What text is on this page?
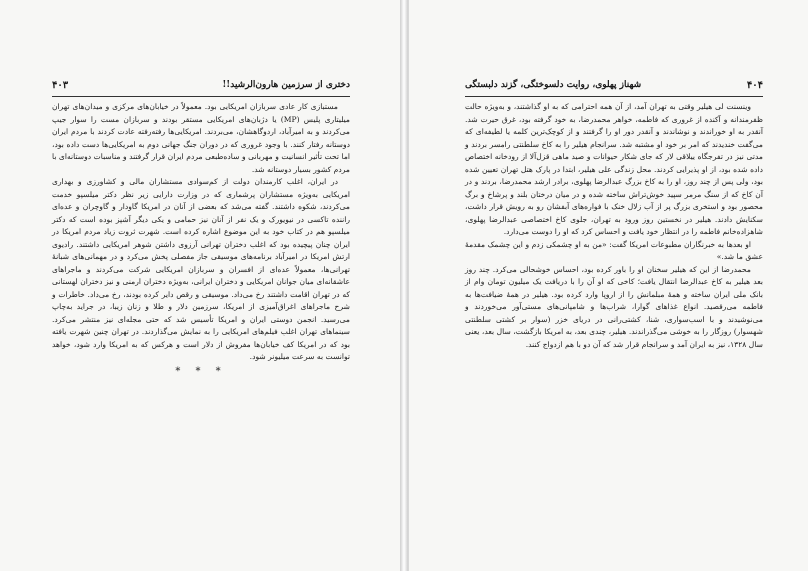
دختری از سرزمین هارون‌الرشید!!
۴۰۳

مستبازی کار عادی سربازان امریکایی بود. معمولاً در خیابان‌های مرکزی و میدان‌های تهران میلیتاری پلیس (MP) یا دژبان‌های امریکایی مستقر بودند و سربازان مست را سوار جیپ می‌کردند و به امیرآباد، اردوگاهشان، می‌بردند. امریکایی‌ها رفته‌رفته عادت کردند با مردم ایران دوستانه رفتار کنند. با وجود غروری که در دوران جنگ جهانی دوم به امریکایی‌ها دست داده بود، اما تحت تأثیر انسانیت و مهربانی و ساده‌طبعی مردم ایران قرار گرفتند و مناسبات دوستانه‌ای با مردم کشور بسیار دوستانه شد.

در ایران، اغلب کارمندان دولت از کم‌سوادی مستشاران مالی و کشاورزی و بهداری امریکایی به‌ویژه مستشاران پرشماری که در وزارت دارایی زیر نظر دکتر میلسپو خدمت می‌کردند، شکوه داشتند. گفته می‌شد که بعضی از آنان در امریکا گاودار و گاوچران و عده‌ای راننده تاکسی در نیویورک و یک نفر از آنان نیز حمامی و یکی دیگر آشپز بوده است که دکتر میلسپو هم در کتاب خود به این موضوع اشاره کرده است. شهرت ثروت زیاد مردم امریکا در ایران چنان پیچیده بود که اغلب دختران تهرانی آرزوی داشتن شوهر امریکایی داشتند. رادیوی ارتش امریکا در امیرآباد برنامه‌های موسیقی جاز مفصلی پخش می‌کرد و در مهمانی‌های شبانهٔ تهرانی‌ها، معمولاً عده‌ای از افسران و سربازان امریکایی شرکت می‌کردند و ماجراهای عاشقانه‌ای میان جوانان امریکایی و دختران ایرانی، به‌ویژه دختران ارمنی و نیز دختران لهستانی که در تهران اقامت داشتند رخ می‌داد. موسیقی و رقص دایر کرده بودند، رخ می‌داد. خاطرات و شرح ماجراهای اغراق‌آمیزی از امریکا، سرزمین دلار و طلا و زنان زیبا، در جراید به‌چاپ می‌رسید. انجمن دوستی ایران و امریکا تأسیس شد که حتی مجله‌ای نیز منتشر می‌کرد. سینماهای تهران اغلب فیلم‌های امریکایی را به نمایش می‌گذاردند. در تهران چنین شهرت یافته بود که در امریکا کف خیابان‌ها مفروش از دلار است و هرکس که به امریکا وارد شود، خواهد توانست به سرعت میلیونر شود.

* * *
شهناز پهلوی، روایت دلسوختگی، گزند دلبستگی	۴۰۴

وینسنت لی هیلیر وقتی به تهران آمد، از آن همه احترامی که به او گذاشتند، و به‌ویژه حالت ظفرمندانه و آکنده از غروری که فاطمه، خواهر محمدرضا، به خود گرفته بود، غرق حیرت شد. آنقدر به او خوراندند و نوشاندند و آنقدر دور او را گرفتند و از کوچک‌ترین کلمه یا لطیفه‌ای که می‌گفت خندیدند که امر بر خود او مشتبه شد. سرانجام هیلیر را به کاخ سلطنتی رامسر بردند و مدتی نیز در تفرجگاه ییلاقی لار که جای شکار حیوانات و صید ماهی قزل‌آلا از رودخانه اختصاص داده شده بود، از او پذیرایی کردند. محل زندگی علی هیلیر، ابتدا در پارک هتل تهران تعیین شده بود، ولی پس از چند روز، او را به کاخ بزرگ عبدالرضا پهلوی، برادر ارشد محمدرضا، بردند و در آن کاخ که از سنگ مرمر سپید خوش‌تراش ساخته شده و در میان درختان بلند و پرشاخ و برگ محصور بود و استخری بزرگ پر از آب زلال خنک با فواره‌های آبفشان رو به رویش قرار داشت، سکنایش دادند. هیلیر در نخستین روز ورود به تهران، جلوی کاخ اختصاصی عبدالرضا پهلوی، شاهزاده‌خانم فاطمه را در انتظار خود یافت و احساس کرد که او را دوست می‌دارد.

او بعدها به خبرنگاران مطبوعات امریکا گفت: «من به او چشمکی زدم و این چشمک مقدمهٔ عشق ما شد.»

محمدرضا از این که هیلیر سخنان او را باور کرده بود، احساس خوشحالی می‌کرد. چند روز بعد هیلیر به کاخ عبدالرضا انتقال یافت؛ کاخی که او آن را با دریافت یک میلیون تومان وام از بانک ملی ایران ساخته و همهٔ مبلمانش را از اروپا وارد کرده بود. هیلیر در همهٔ ضیافت‌ها به فاطمه می‌رقصید. انواع غذاهای گوارا، شراب‌ها و شامپانی‌های مستی‌آور می‌خوردند و می‌نوشیدند و با اسب‌سواری، شنا، کشتی‌رانی در دریای خزر (سوار بر کشتی سلطنتی شهسوار) روزگار را به خوشی می‌گذراندند. هیلیر، چندی بعد، به امریکا بازگشت، سال بعد، یعنی سال ۱۳۲۸، نیز به ایران آمد و سرانجام قرار شد که آن دو با هم ازدواج کنند.
